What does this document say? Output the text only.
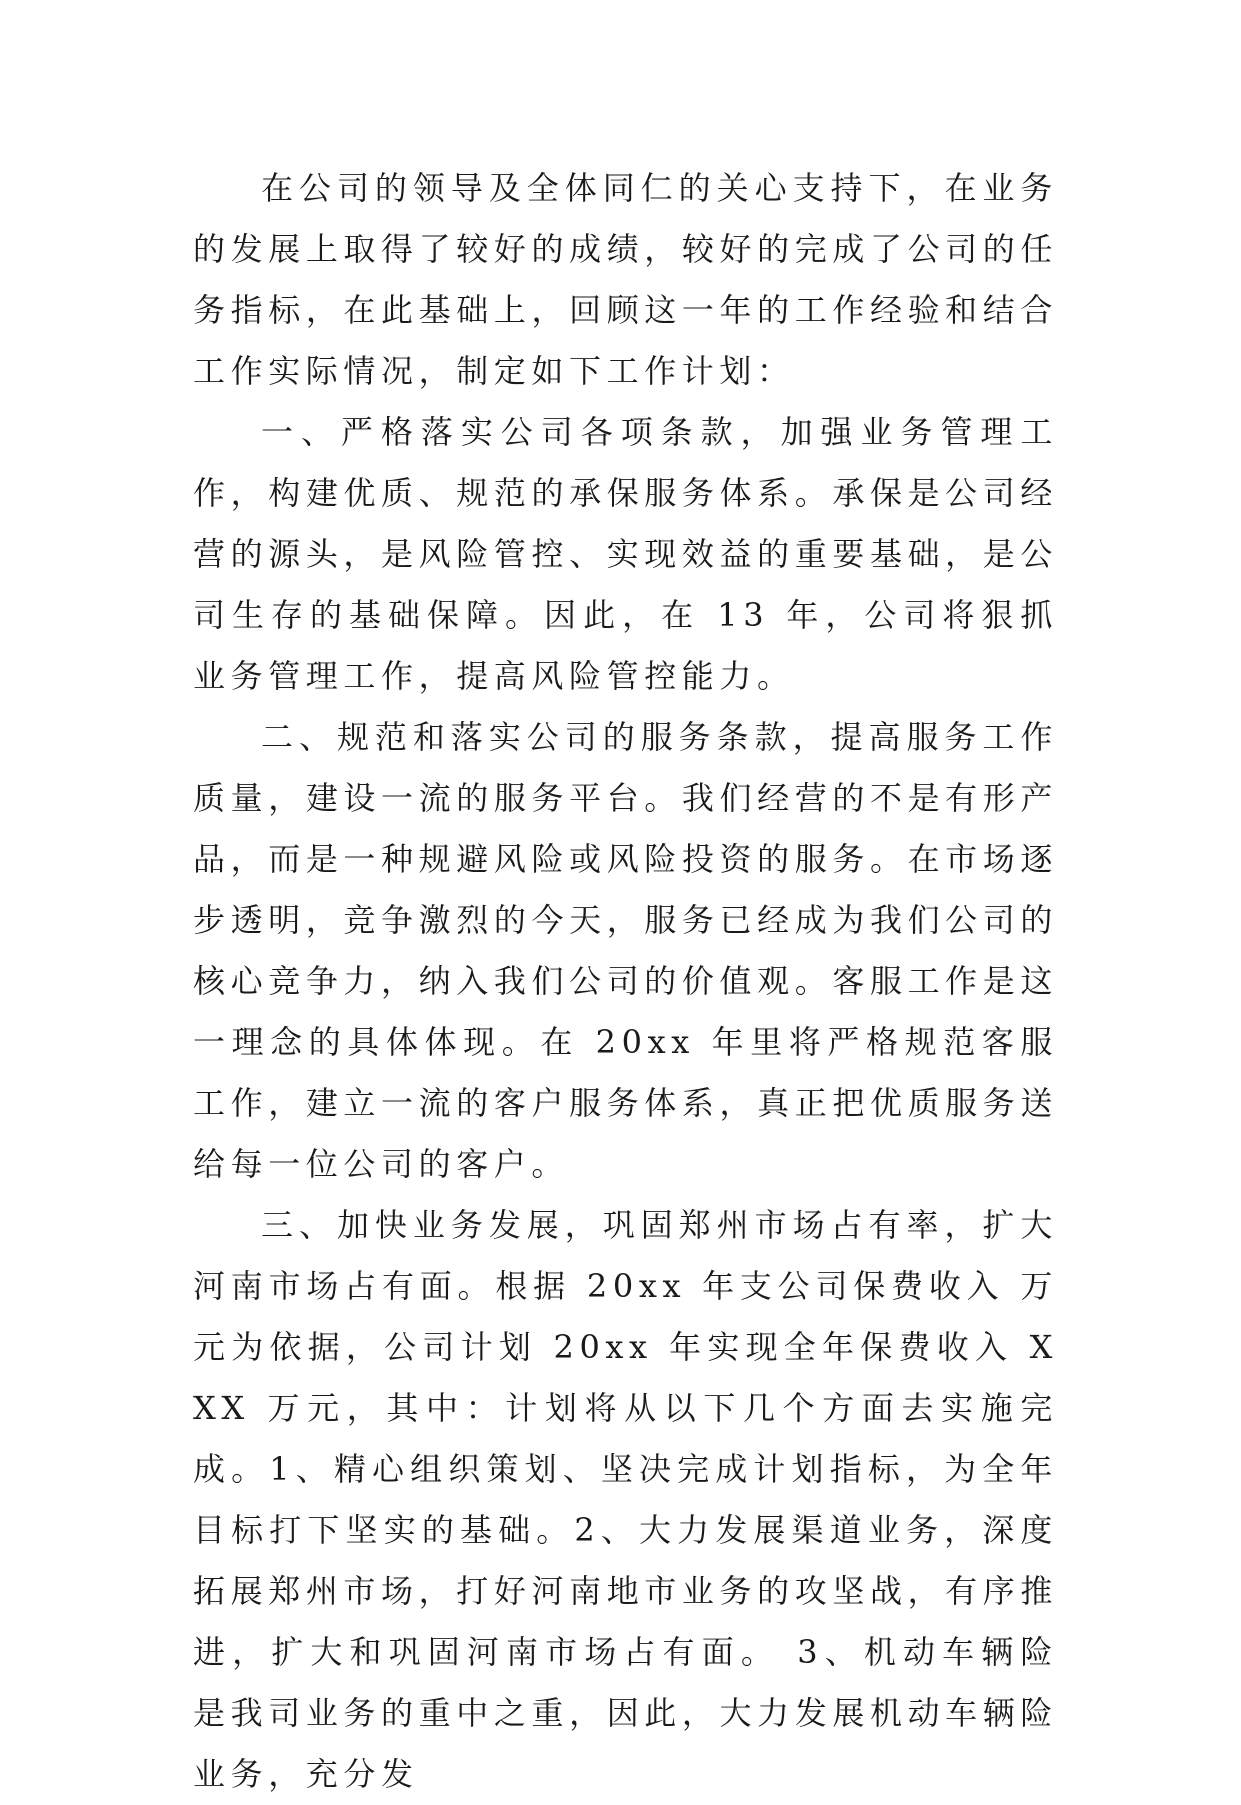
在公司的领导及全体同仁的关心支持下，在业务的发展上取得了较好的成绩，较好的完成了公司的任务指标，在此基础上，回顾这一年的工作经验和结合工作实际情况，制定如下工作计划：

一、严格落实公司各项条款，加强业务管理工作，构建优质、规范的承保服务体系。承保是公司经营的源头，是风险管控、实现效益的重要基础，是公司生存的基础保障。因此，在 13 年，公司将狠抓业务管理工作，提高风险管控能力。

二、规范和落实公司的服务条款，提高服务工作质量，建设一流的服务平台。我们经营的不是有形产品，而是一种规避风险或风险投资的服务。在市场逐步透明，竞争激烈的今天，服务已经成为我们公司的核心竞争力，纳入我们公司的价值观。客服工作是这一理念的具体体现。在 20xx 年里将严格规范客服工作，建立一流的客户服务体系，真正把优质服务送给每一位公司的客户。

三、加快业务发展，巩固郑州市场占有率，扩大河南市场占有面。根据 20xx 年支公司保费收入 万元为依据，公司计划 20xx 年实现全年保费收入 XXX 万元，其中：计划将从以下几个方面去实施完成。1、精心组织策划、坚决完成计划指标，为全年目标打下坚实的基础。2、大力发展渠道业务，深度拓展郑州市场，打好河南地市业务的攻坚战，有序推进，扩大和巩固河南市场占有面。 3、机动车辆险是我司业务的重中之重，因此，大力发展机动车辆险业务，充分发
